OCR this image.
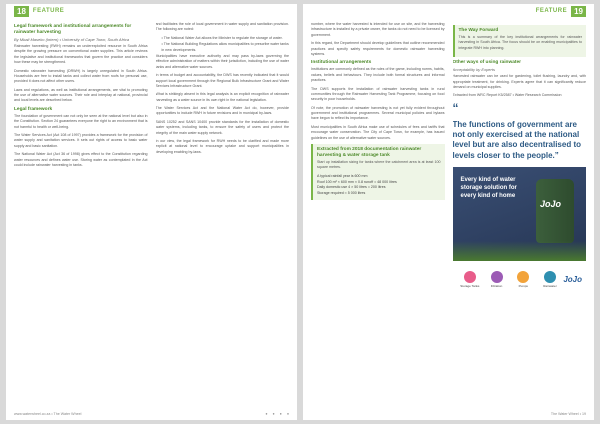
18	FEATURE
Legal framework and institutional arrangements for rainwater harvesting
By Mbali Maseko (Intern) • University of Cape Town, South Africa

Rainwater harvesting (RWH) remains an underexploited resource in South Africa despite the growing pressure on conventional water supplies. This article reviews the legislative and institutional frameworks that govern the practice and considers how these may be strengthened.

Domestic rainwater harvesting (DRWH) is largely unregulated in South Africa. Households are free to install tanks and collect water from roofs for personal use, provided it does not affect other users.

Laws and regulations, as well as institutional arrangements, are vital to promoting the use of alternative water sources. Their role and interplay at national, provincial and local levels are described below.

Legal framework

The foundation of government can not only be seen at the national level but also in the Constitution. Section 24 guarantees everyone the right to an environment that is not harmful to health or well-being.

The Water Services Act (Act 108 of 1997) provides a framework for the provision of water supply and sanitation services. It sets out rights of access to basic water supply and basic sanitation.

The National Water Act (Act 36 of 1998) gives effect to the Constitution regarding water resources and defines water use. Storing water as contemplated in the Act could include rainwater harvesting in tanks.

and facilitates the role of local government in water supply and sanitation provision. The following are noted:

• The National Water Act allows the Minister to regulate the storage of water.
• The National Building Regulations allow municipalities to prescribe water tanks in new developments.

Municipalities have executive authority and may pass by-laws governing the effective administration of matters within their jurisdiction, including the use of water tanks and alternative water sources.

In terms of budget and accountability, the DWS has recently indicated that it would support local government through the Regional Bulk Infrastructure Grant and Water Services Infrastructure Grant.

What is strikingly absent in this legal analysis is an explicit recognition of rainwater harvesting as a water source in its own right in the national legislation.

The Water Services Act and the National Water Act do, however, provide opportunities to include RWH in future revisions and in municipal by-laws.

SANS 10252 and SANS 10400 provide standards for the installation of domestic water systems, including tanks, to ensure the safety of users and protect the integrity of the main water supply network.

In our view, the legal framework for RWH needs to be clarified and made more explicit at national level to encourage uptake and support municipalities in developing enabling by-laws.

www.waterwheel.co.za • The Water Wheel	● ● ● ●
FEATURE 19

number, where the water harvested is intended for use on site, and the harvesting infrastructure is installed by a private owner, the tanks do not need to be licensed by government.

In this regard, the Department should develop guidelines that outline recommended practices and specify safety requirements for domestic rainwater harvesting systems.

Institutional arrangements

Institutions are commonly defined as the rules of the game, including norms, habits, values, beliefs and behaviours. They include both formal structures and informal practices.

The DWS supports the installation of rainwater harvesting tanks in rural communities through the Rainwater Harvesting Tank Programme, focusing on food security in poor households.

Of note, the promotion of rainwater harvesting is not yet fully evident throughout government and institutional programmes. Several municipal policies and bylaws have begun to reflect its importance.

Most municipalities in South Africa make use of schedules of fees and tariffs that encourage water conservation. The City of Cape Town, for example, has issued guidelines on the use of alternative water sources.

Extracted from 2018 documentation rainwater harvesting & water storage tank

Start up installation sizing for tanks where the catchment area is at least 100 square metres.

A typical rainfall year is 600 mm
Roof 100 m² × 600 mm × 0.8 runoff = 48 000 litres
Daily domestic use 4 × 50 litres = 200 litres
Storage required ≈ 5 000 litres
The Way Forward

This is a summary of the key institutional arrangements for rainwater harvesting in South Africa. The focus should be on enabling municipalities to integrate RWH into planning.

Other ways of using rainwater
Acceptability by Experts

Harvested rainwater can be used for gardening, toilet flushing, laundry and, with appropriate treatment, for drinking. Experts agree that it can significantly reduce demand on municipal supplies.

Extracted from WRC Report K5/2587 • Water Research Commission

“
The functions of government are not only exercised at the national level but are also decentralised to levels closer to the people.”
Every kind of water storage solution for every kind of home
JoJo
Storage Tanks	Filtration	Pumps	Rainwater
JoJo
The Water Wheel • 19
